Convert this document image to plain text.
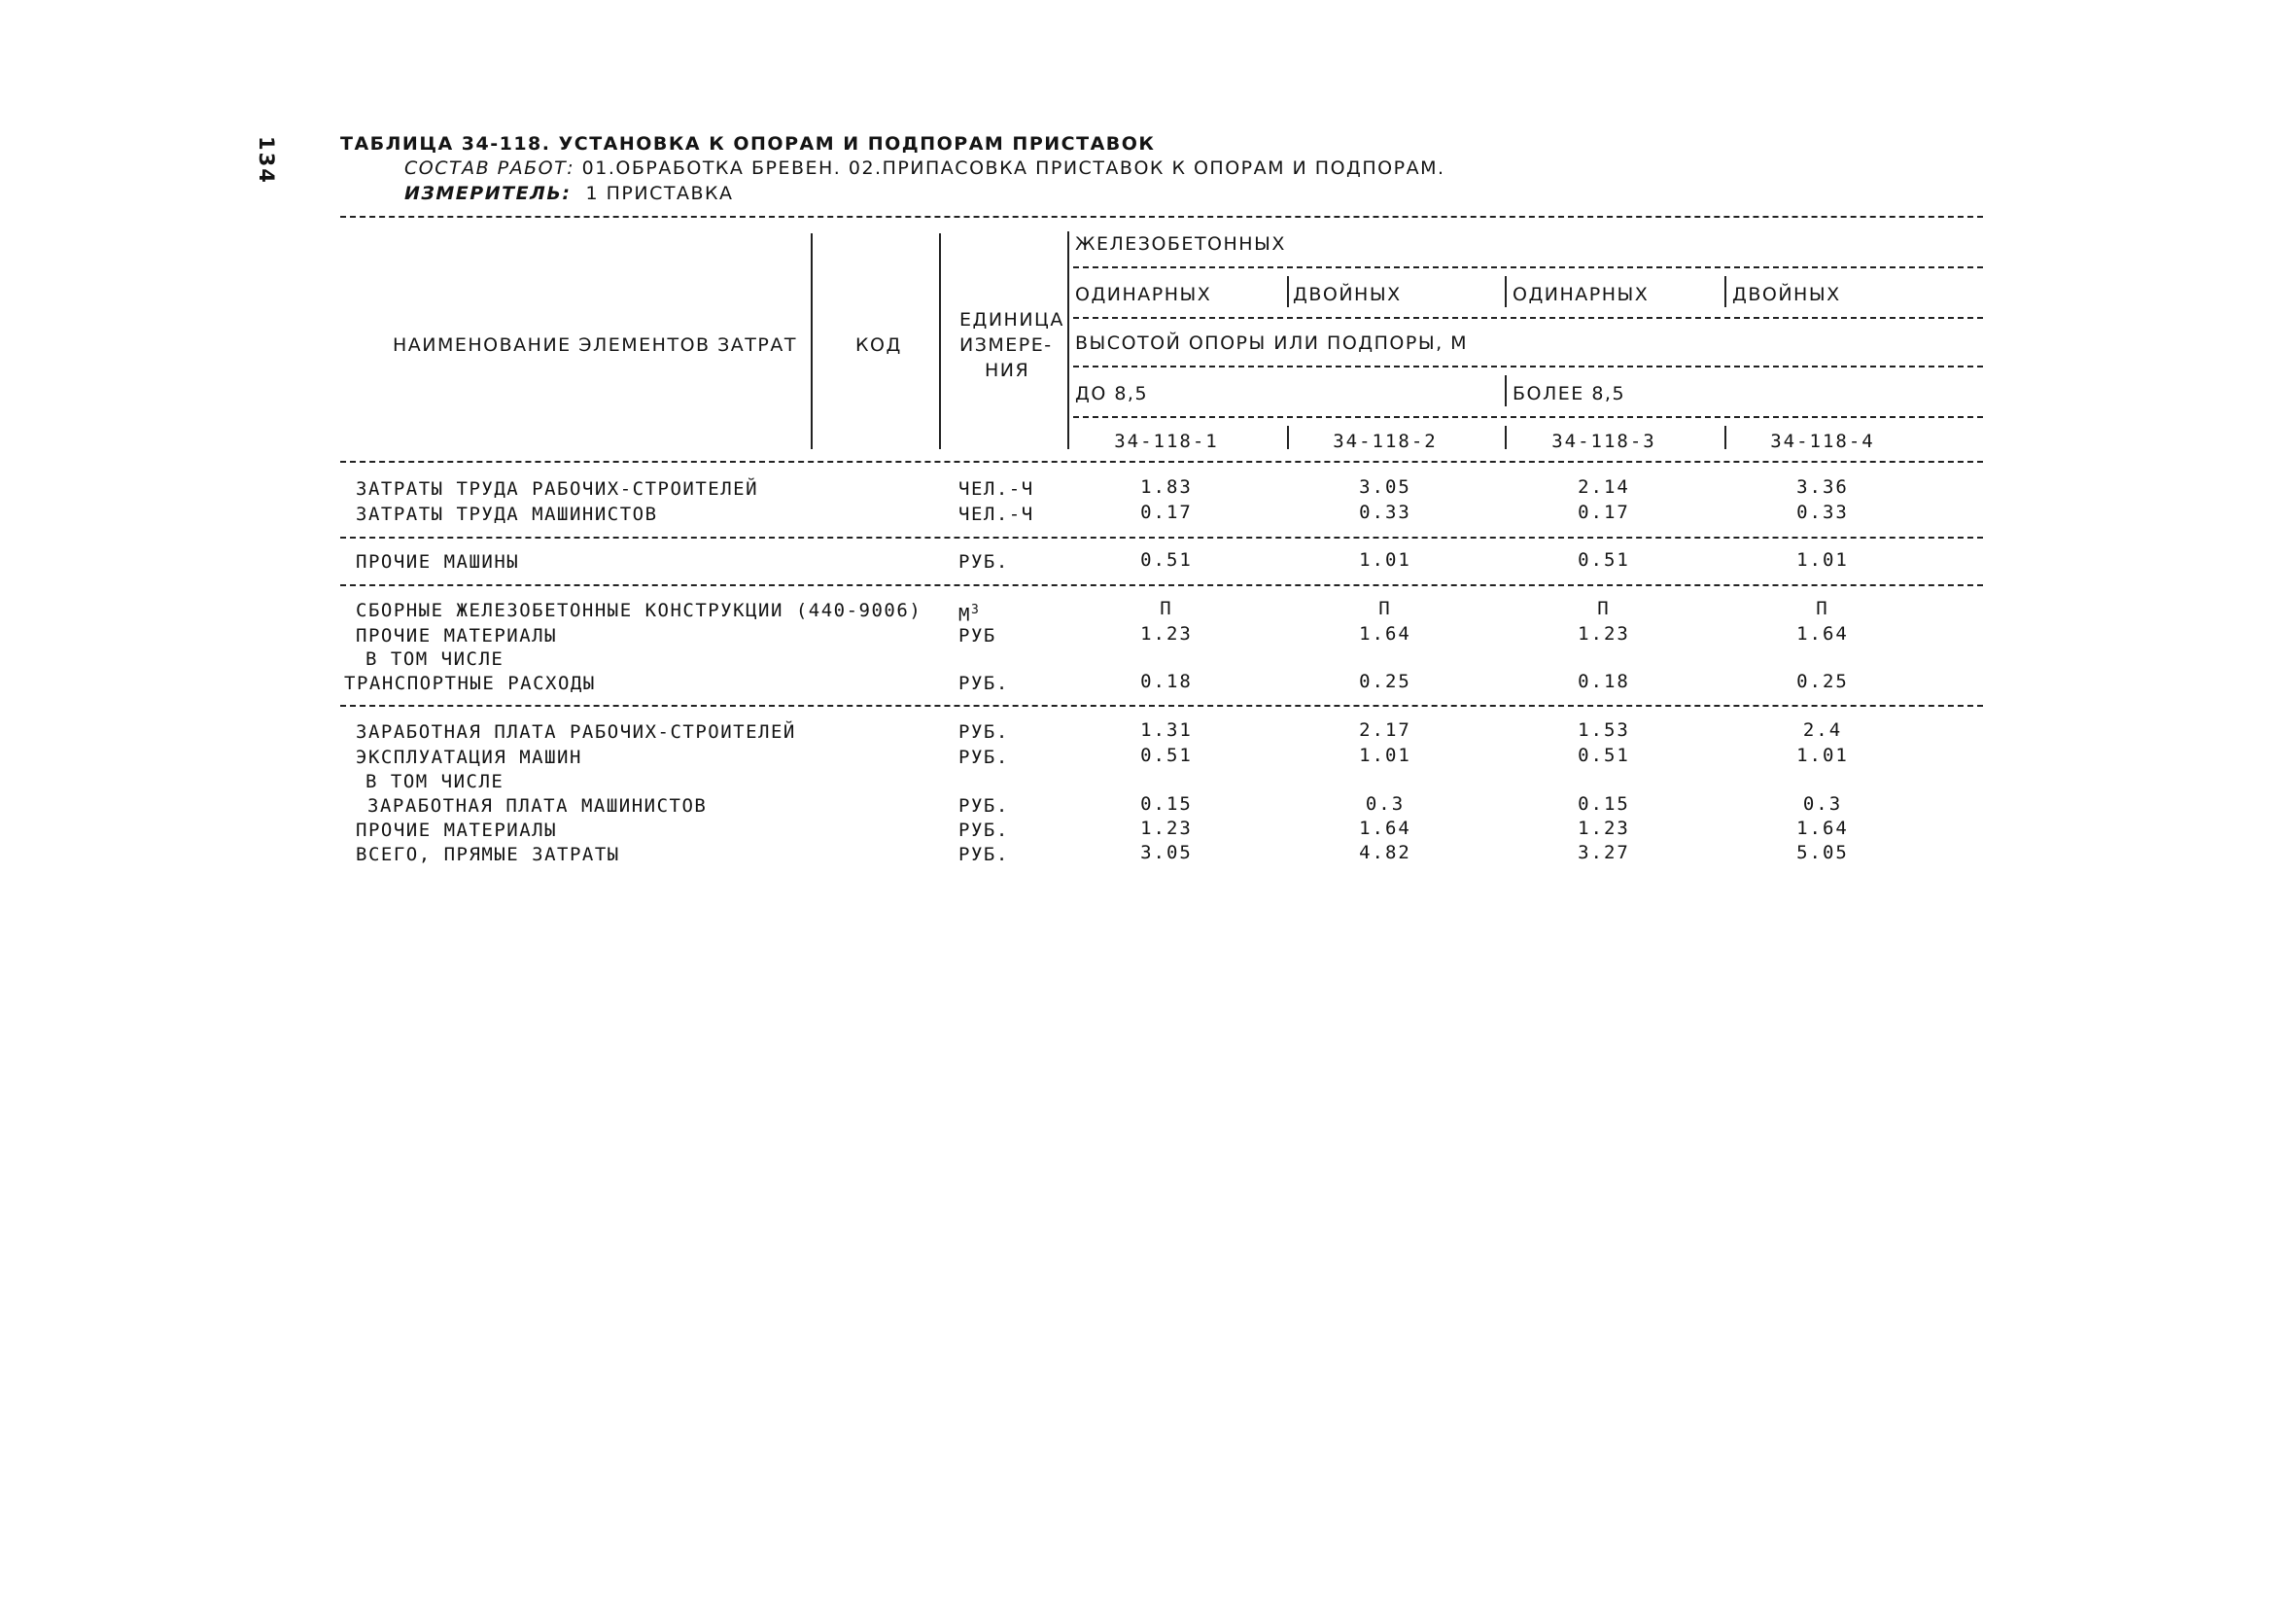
134	ТАБЛИЦА 34-118. УСТАНОВКА К ОПОРАМ И ПОДПОРАМ ПРИСТАВОК
СОСТАВ РАБОТ: 01.ОБРАБОТКА БРЕВЕН. 02.ПРИПАСОВКА ПРИСТАВОК К ОПОРАМ И ПОДПОРАМ.
ИЗМЕРИТЕЛЬ:  1 ПРИСТАВКА
НАИМЕНОВАНИЕ ЭЛЕМЕНТОВ ЗАТРАТ	КОД
ЕДИНИЦА
ИЗМЕРЕ-
НИЯ
ЖЕЛЕЗОБЕТОННЫХ
ОДИНАРНЫХ	ДВОЙНЫХ	ОДИНАРНЫХ	ДВОЙНЫХ
ВЫСОТОЙ ОПОРЫ ИЛИ ПОДПОРЫ, М
ДО 8,5	БОЛЕЕ 8,5
34-118-1	34-118-2	34-118-3	34-118-4
ЗАТРАТЫ ТРУДА РАБОЧИХ-СТРОИТЕЛЕЙ	ЧЕЛ.-Ч	1.83	3.05	2.14	3.36
ЗАТРАТЫ ТРУДА МАШИНИСТОВ	ЧЕЛ.-Ч	0.17	0.33	0.17	0.33
ПРОЧИЕ МАШИНЫ	РУБ.	0.51	1.01	0.51	1.01
СБОРНЫЕ ЖЕЛЕЗОБЕТОННЫЕ КОНСТРУКЦИИ (440-9006) $М^3$	П	П	П	П
ПРОЧИЕ МАТЕРИАЛЫ	РУБ	1.23	1.64	1.23	1.64
В ТОМ ЧИСЛЕ
ТРАНСПОРТНЫЕ РАСХОДЫ	РУБ.	0.18	0.25	0.18	0.25
ЗАРАБОТНАЯ ПЛАТА РАБОЧИХ-СТРОИТЕЛЕЙ	РУБ.	1.31	2.17	1.53	2.4
ЭКСПЛУАТАЦИЯ МАШИН	РУБ.	0.51	1.01	0.51	1.01
В ТОМ ЧИСЛЕ
ЗАРАБОТНАЯ ПЛАТА МАШИНИСТОВ	РУБ.	0.15	0.3	0.15	0.3
ПРОЧИЕ МАТЕРИАЛЫ	РУБ.	1.23	1.64	1.23	1.64
ВСЕГО, ПРЯМЫЕ ЗАТРАТЫ	РУБ.	3.05	4.82	3.27	5.05
